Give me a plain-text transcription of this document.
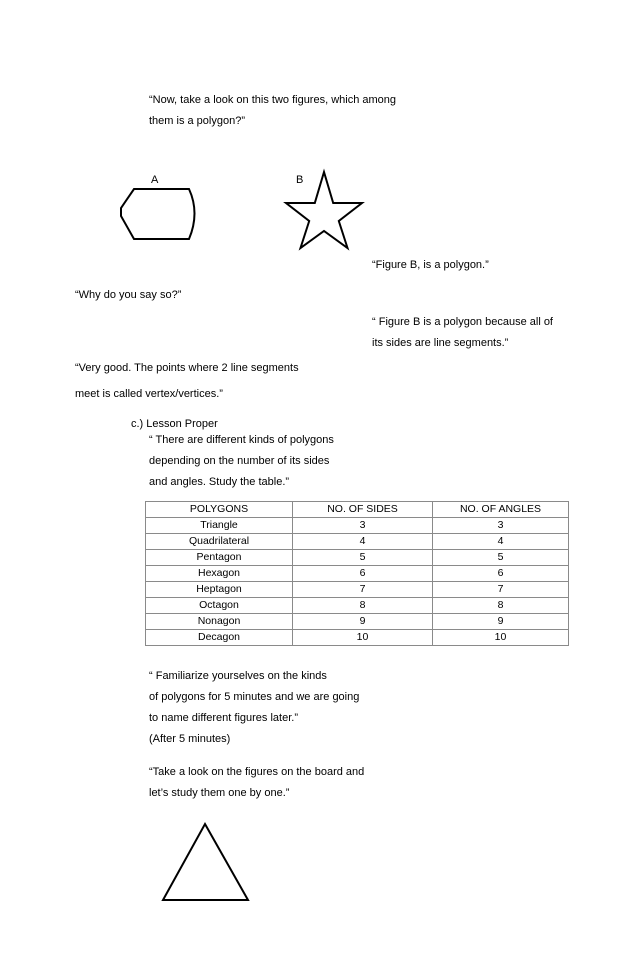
“Now, take a look on this two figures, which among
them is a polygon?”
A	B
“Figure B, is a polygon.”
“Why do you say so?”
“ Figure B is a polygon because all of
its sides are line segments.”
“Very good. The points where 2 line segments
meet is called vertex/vertices.”
c.) Lesson Proper
“ There are different kinds of polygons
depending on the number of its sides
and angles. Study the table.”
POLYGONS	NO. OF SIDES	NO. OF ANGLES
Triangle	3	3
Quadrilateral	4	4
Pentagon	5	5
Hexagon	6	6
Heptagon	7	7
Octagon	8	8
Nonagon	9	9
Decagon	10	10
“ Familiarize yourselves on the kinds
of polygons for 5 minutes and we are going
to name different figures later.”
(After 5 minutes)
“Take a look on the figures on the board and
let’s study them one by one.”
